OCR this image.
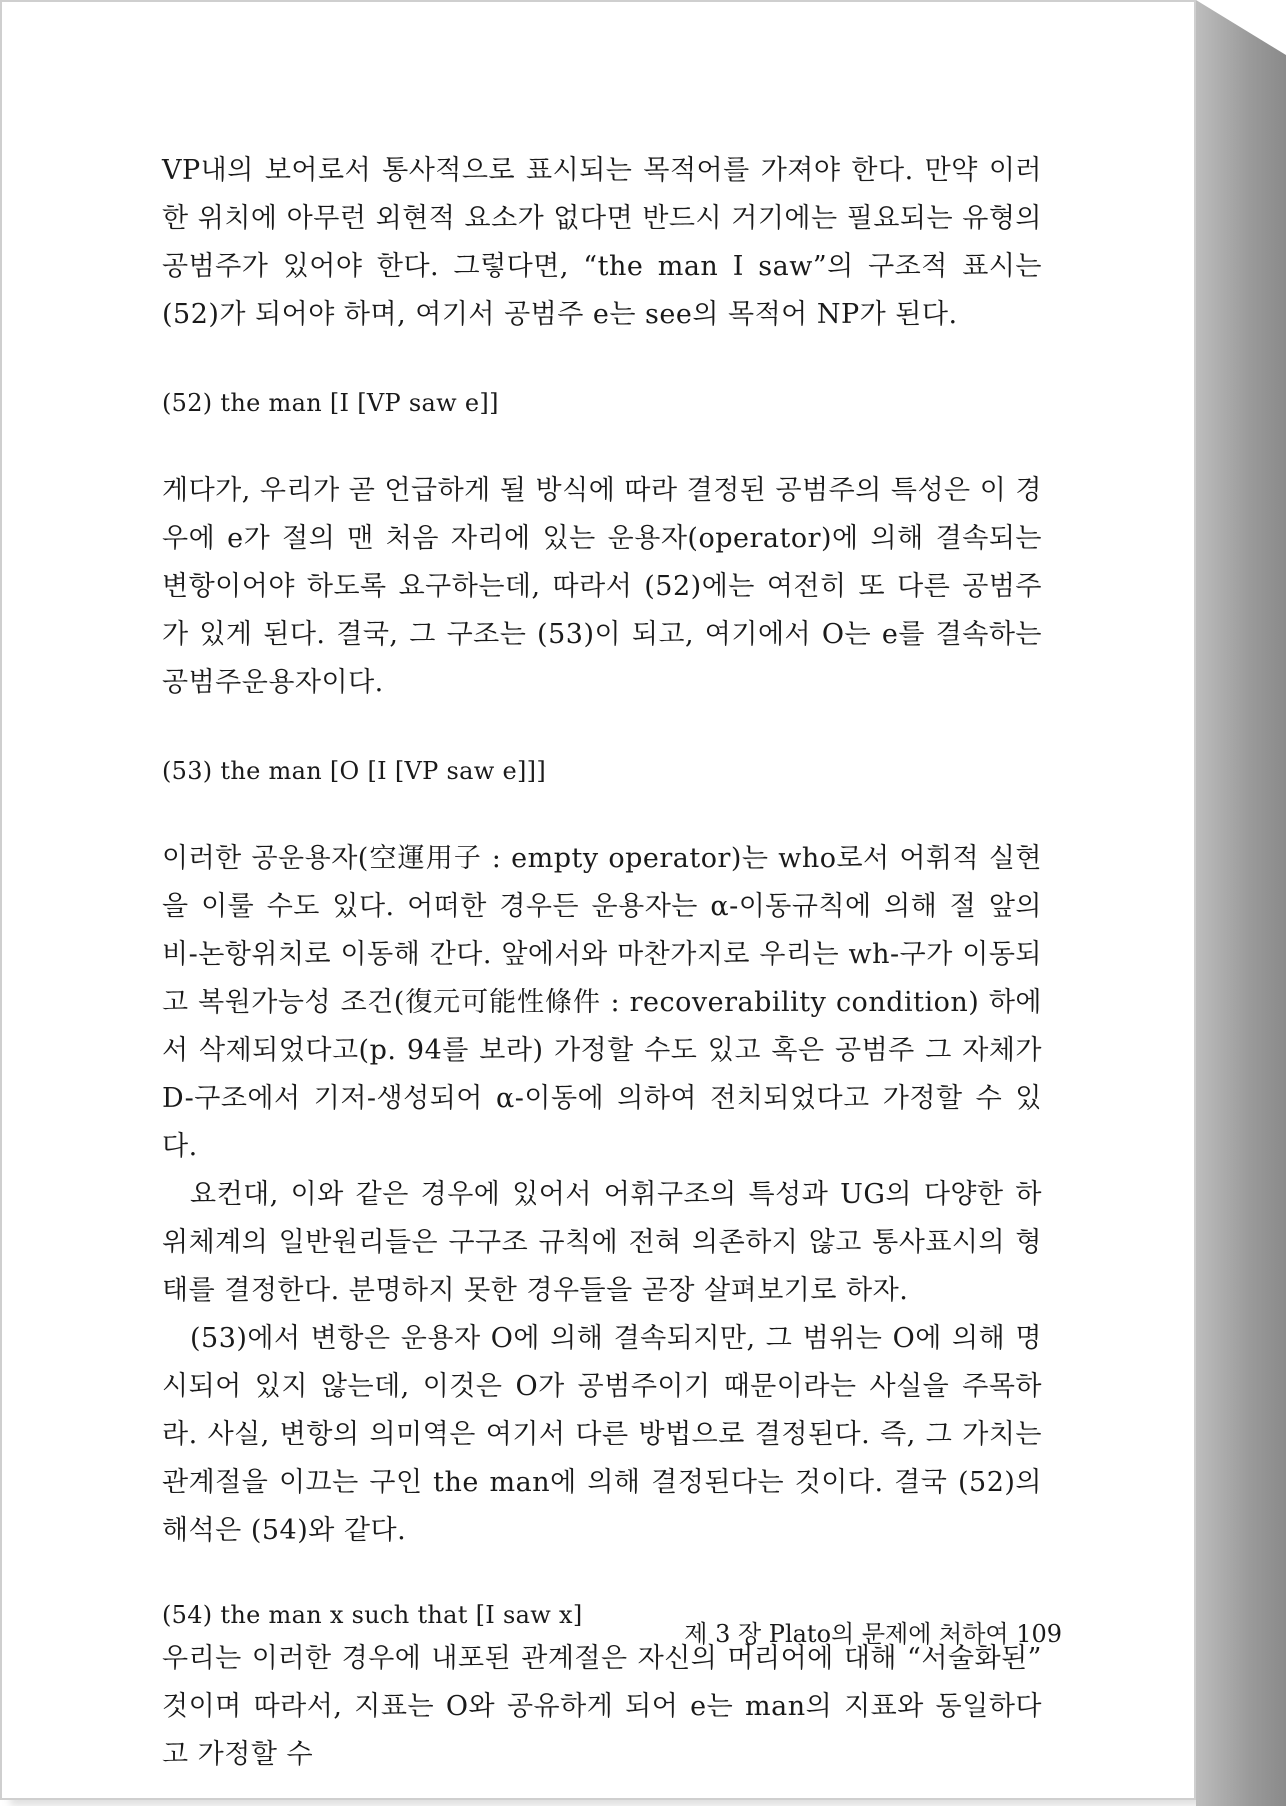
VP내의 보어로서 통사적으로 표시되는 목적어를 가져야 한다. 만약 이러한 위치에 아무런 외현적 요소가 없다면 반드시 거기에는 필요되는 유형의 공범주가 있어야 한다. 그렇다면, “the man I saw”의 구조적 표시는 (52)가 되어야 하며, 여기서 공범주 e는 see의 목적어 NP가 된다.

(52) the man [I [VP saw e]]

게다가, 우리가 곧 언급하게 될 방식에 따라 결정된 공범주의 특성은 이 경우에 e가 절의 맨 처음 자리에 있는 운용자(operator)에 의해 결속되는 변항이어야 하도록 요구하는데, 따라서 (52)에는 여전히 또 다른 공범주가 있게 된다. 결국, 그 구조는 (53)이 되고, 여기에서 O는 e를 결속하는 공범주운용자이다.

(53) the man [O [I [VP saw e]]]

이러한 공운용자(空運用子 : empty operator)는 who로서 어휘적 실현을 이룰 수도 있다. 어떠한 경우든 운용자는 α-이동규칙에 의해 절 앞의 비-논항위치로 이동해 간다. 앞에서와 마찬가지로 우리는 wh-구가 이동되고 복원가능성 조건(復元可能性條件 : recoverability condition) 하에서 삭제되었다고(p. 94를 보라) 가정할 수도 있고 혹은 공범주 그 자체가 D-구조에서 기저-생성되어 α-이동에 의하여 전치되었다고 가정할 수 있다.

요컨대, 이와 같은 경우에 있어서 어휘구조의 특성과 UG의 다양한 하위체계의 일반원리들은 구구조 규칙에 전혀 의존하지 않고 통사표시의 형태를 결정한다. 분명하지 못한 경우들을 곧장 살펴보기로 하자.

(53)에서 변항은 운용자 O에 의해 결속되지만, 그 범위는 O에 의해 명시되어 있지 않는데, 이것은 O가 공범주이기 때문이라는 사실을 주목하라. 사실, 변항의 의미역은 여기서 다른 방법으로 결정된다. 즉, 그 가치는 관계절을 이끄는 구인 the man에 의해 결정된다는 것이다. 결국 (52)의 해석은 (54)와 같다.

(54) the man x such that [I saw x]

우리는 이러한 경우에 내포된 관계절은 자신의 머리어에 대해 “서술화된” 것이며 따라서, 지표는 O와 공유하게 되어 e는 man의 지표와 동일하다고 가정할 수

제 3 장 Plato의 문제에 처하여 109
